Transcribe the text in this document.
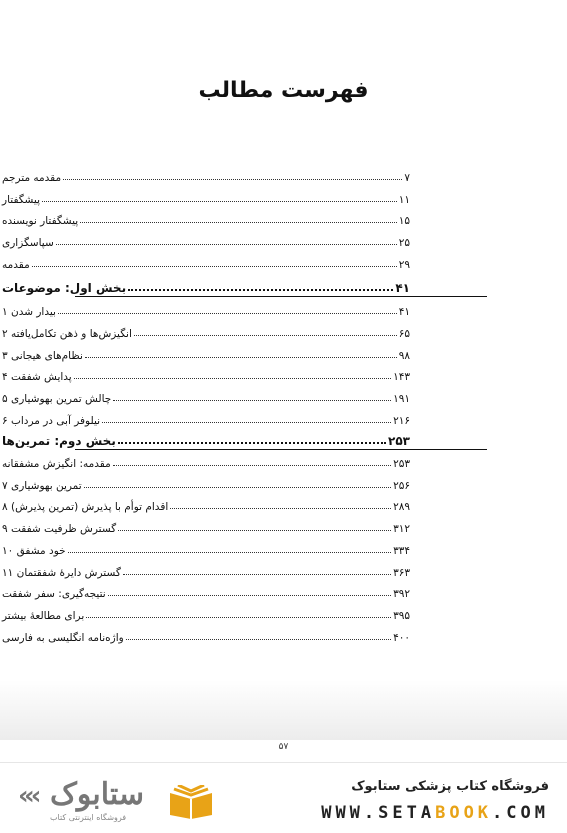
فهرست مطالب
مقدمه مترجم	۷
پیشگفتار	۱۱
پیشگفتار نویسنده	۱۵
سپاسگزاری	۲۵
مقدمه	۲۹
بخش اول: موضوعات	۴۱
۱ بیدار شدن	۴۱
۲ انگیزش‌ها و ذهن تکامل‌یافته	۶۵
۳ نظام‌های هیجانی	۹۸
۴ پدایش شفقت	۱۴۳
۵ چالش تمرین بهوشیاری	۱۹۱
۶ نیلوفر آبی در مرداب	۲۱۶
بخش دوم: تمرین‌ها	۲۵۳
مقدمه: انگیزش مشفقانه	۲۵۳
۷ تمرین بهوشیاری	۲۵۶
۸ اقدام توأم با پذیرش (تمرین پذیرش)	۲۸۹
۹ گسترش ظرفیت شفقت	۳۱۲
۱۰ خود مشفق	۳۳۴
۱۱ گسترش دایرهٔ شفقتمان	۳۶۳
نتیجه‌گیری: سفر شفقت	۳۹۲
برای مطالعهٔ بیشتر	۳۹۵
واژه‌نامه انگلیسی به فارسی	۴۰۰
۵۷
«‹ ستابوک
فروشگاه اینترنتی کتاب
فروشگاه کتاب پزشکی ستابوک
WWW.SETABOOK.COM
